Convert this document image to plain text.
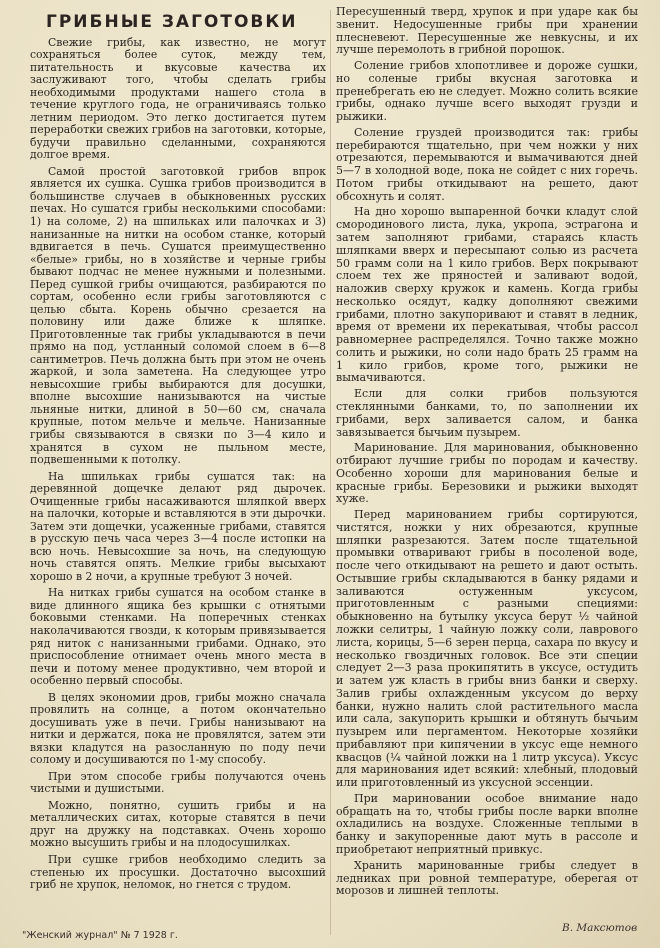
ГРИБНЫЕ ЗАГОТОВКИ

Свежие грибы, как известно, не могут сохраняться более суток, между тем, питательность и вкусовые качества их заслуживают того, чтобы сделать грибы необходимыми продуктами нашего стола в течение круглого года, не ограничиваясь только летним периодом. Это легко достигается путем переработки свежих грибов на заготовки, которые, будучи правильно сделанными, сохраняются долгое время.

Самой простой заготовкой грибов впрок является их сушка. Сушка грибов производится в большинстве случаев в обыкновенных русских печах. Но сушатся грибы несколькими способами: 1) на соломе, 2) на шпильках или палочках и 3) нанизанные на нитки на особом станке, который вдвигается в печь. Сушатся преимущественно «белые» грибы, но в хозяйстве и черные грибы бывают подчас не менее нужными и полезными. Перед сушкой грибы очищаются, разбираются по сортам, особенно если грибы заготовляются с целью сбыта. Корень обычно срезается на половину или даже ближе к шляпке. Приготовленные так грибы укладываются в печи прямо на под, устланный соломой слоем в 6—8 сантиметров. Печь должна быть при этом не очень жаркой, и зола заметена. На следующее утро невысохшие грибы выбираются для досушки, вполне высохшие нанизываются на чистые льняные нитки, длиной в 50—60 см, сначала крупные, потом мельче и мельче. Нанизанные грибы связываются в связки по 3—4 кило и хранятся в сухом не пыльном месте, подвешенными к потолку.

На шпильках грибы сушатся так: на деревянной дощечке делают ряд дырочек. Очищенные грибы насаживаются шляпкой вверх на палочки, которые и вставляются в эти дырочки. Затем эти дощечки, усаженные грибами, ставятся в русскую печь часа через 3—4 после истопки на всю ночь. Невысохшие за ночь, на следующую ночь ставятся опять. Мелкие грибы высыхают хорошо в 2 ночи, а крупные требуют 3 ночей.

На нитках грибы сушатся на особом станке в виде длинного ящика без крышки с отнятыми боковыми стенками. На поперечных стенках наколачиваются гвозди, к которым привязывается ряд ниток с нанизанными грибами. Однако, это приспособление отнимает очень много места в печи и потому менее продуктивно, чем второй и особенно первый способы.

В целях экономии дров, грибы можно сначала провялить на солнце, а потом окончательно досушивать уже в печи. Грибы нанизывают на нитки и держатся, пока не провялятся, затем эти вязки кладутся на разосланную по поду печи солому и досушиваются по 1-му способу.

При этом способе грибы получаются очень чистыми и душистыми.

Можно, понятно, сушить грибы и на металлических ситах, которые ставятся в печи друг на дружку на подставках. Очень хорошо можно высушить грибы и на плодосушилках.

При сушке грибов необходимо следить за степенью их просушки. Достаточно высохший гриб не хрупок, неломок, но гнется с трудом.

Пересушенный тверд, хрупок и при ударе как бы звенит. Недосушенные грибы при хранении плесневеют. Пересушенные же невкусны, и их лучше перемолоть в грибной порошок.

Соление грибов хлопотливее и дороже сушки, но соленые грибы вкусная заготовка и пренебрегать ею не следует. Можно солить всякие грибы, однако лучше всего выходят грузди и рыжики.

Соление груздей производится так: грибы перебираются тщательно, при чем ножки у них отрезаются, перемываются и вымачиваются дней 5—7 в холодной воде, пока не сойдет с них горечь. Потом грибы откидывают на решето, дают обсохнуть и солят.

На дно хорошо выпаренной бочки кладут слой смородинового листа, лука, укропа, эстрагона и затем заполняют грибами, стараясь класть шляпками вверх и пересыпают солью из расчета 50 грамм соли на 1 кило грибов. Верх покрывают слоем тех же пряностей и заливают водой, наложив сверху кружок и камень. Когда грибы несколько осядут, кадку дополняют свежими грибами, плотно закупоривают и ставят в ледник, время от времени их перекатывая, чтобы рассол равномернее распределялся. Точно также можно солить и рыжики, но соли надо брать 25 грамм на 1 кило грибов, кроме того, рыжики не вымачиваются.

Если для солки грибов пользуются стеклянными банками, то, по заполнении их грибами, верх заливается салом, и банка завязывается бычьим пузырем.

Маринование. Для маринования, обыкновенно отбирают лучшие грибы по породам и качеству. Особенно хороши для маринования белые и красные грибы. Березовики и рыжики выходят хуже.

Перед маринованием грибы сортируются, чистятся, ножки у них обрезаются, крупные шляпки разрезаются. Затем после тщательной промывки отваривают грибы в посоленой воде, после чего откидывают на решето и дают остыть. Остывшие грибы складываются в банку рядами и заливаются остуженным уксусом, приготовленным с разными специями: обыкновенно на бутылку уксуса берут ½ чайной ложки селитры, 1 чайную ложку соли, лаврового листа, корицы, 5—6 зерен перца, сахара по вкусу и несколько гвоздичных головок. Все эти специи следует 2—3 раза прокипятить в уксусе, остудить и затем уж класть в грибы вниз банки и сверху. Залив грибы охлажденным уксусом до верху банки, нужно налить слой растительного масла или сала, закупорить крышки и обтянуть бычьим пузырем или пергаментом. Некоторые хозяйки прибавляют при кипячении в уксус еще немного квасцов (¼ чайной ложки на 1 литр уксуса). Уксус для маринования идет всякий: хлебный, плодовый или приготовленный из уксусной эссенции.

При мариновании особое внимание надо обращать на то, чтобы грибы после варки вполне охладились на воздухе. Сложенные теплыми в банку и закупоренные дают муть в рассоле и приобретают неприятный привкус.

Хранить маринованные грибы следует в ледниках при ровной температуре, оберегая от морозов и лишней теплоты.

В. Максютов
"Женский журнал" № 7 1928 г.
